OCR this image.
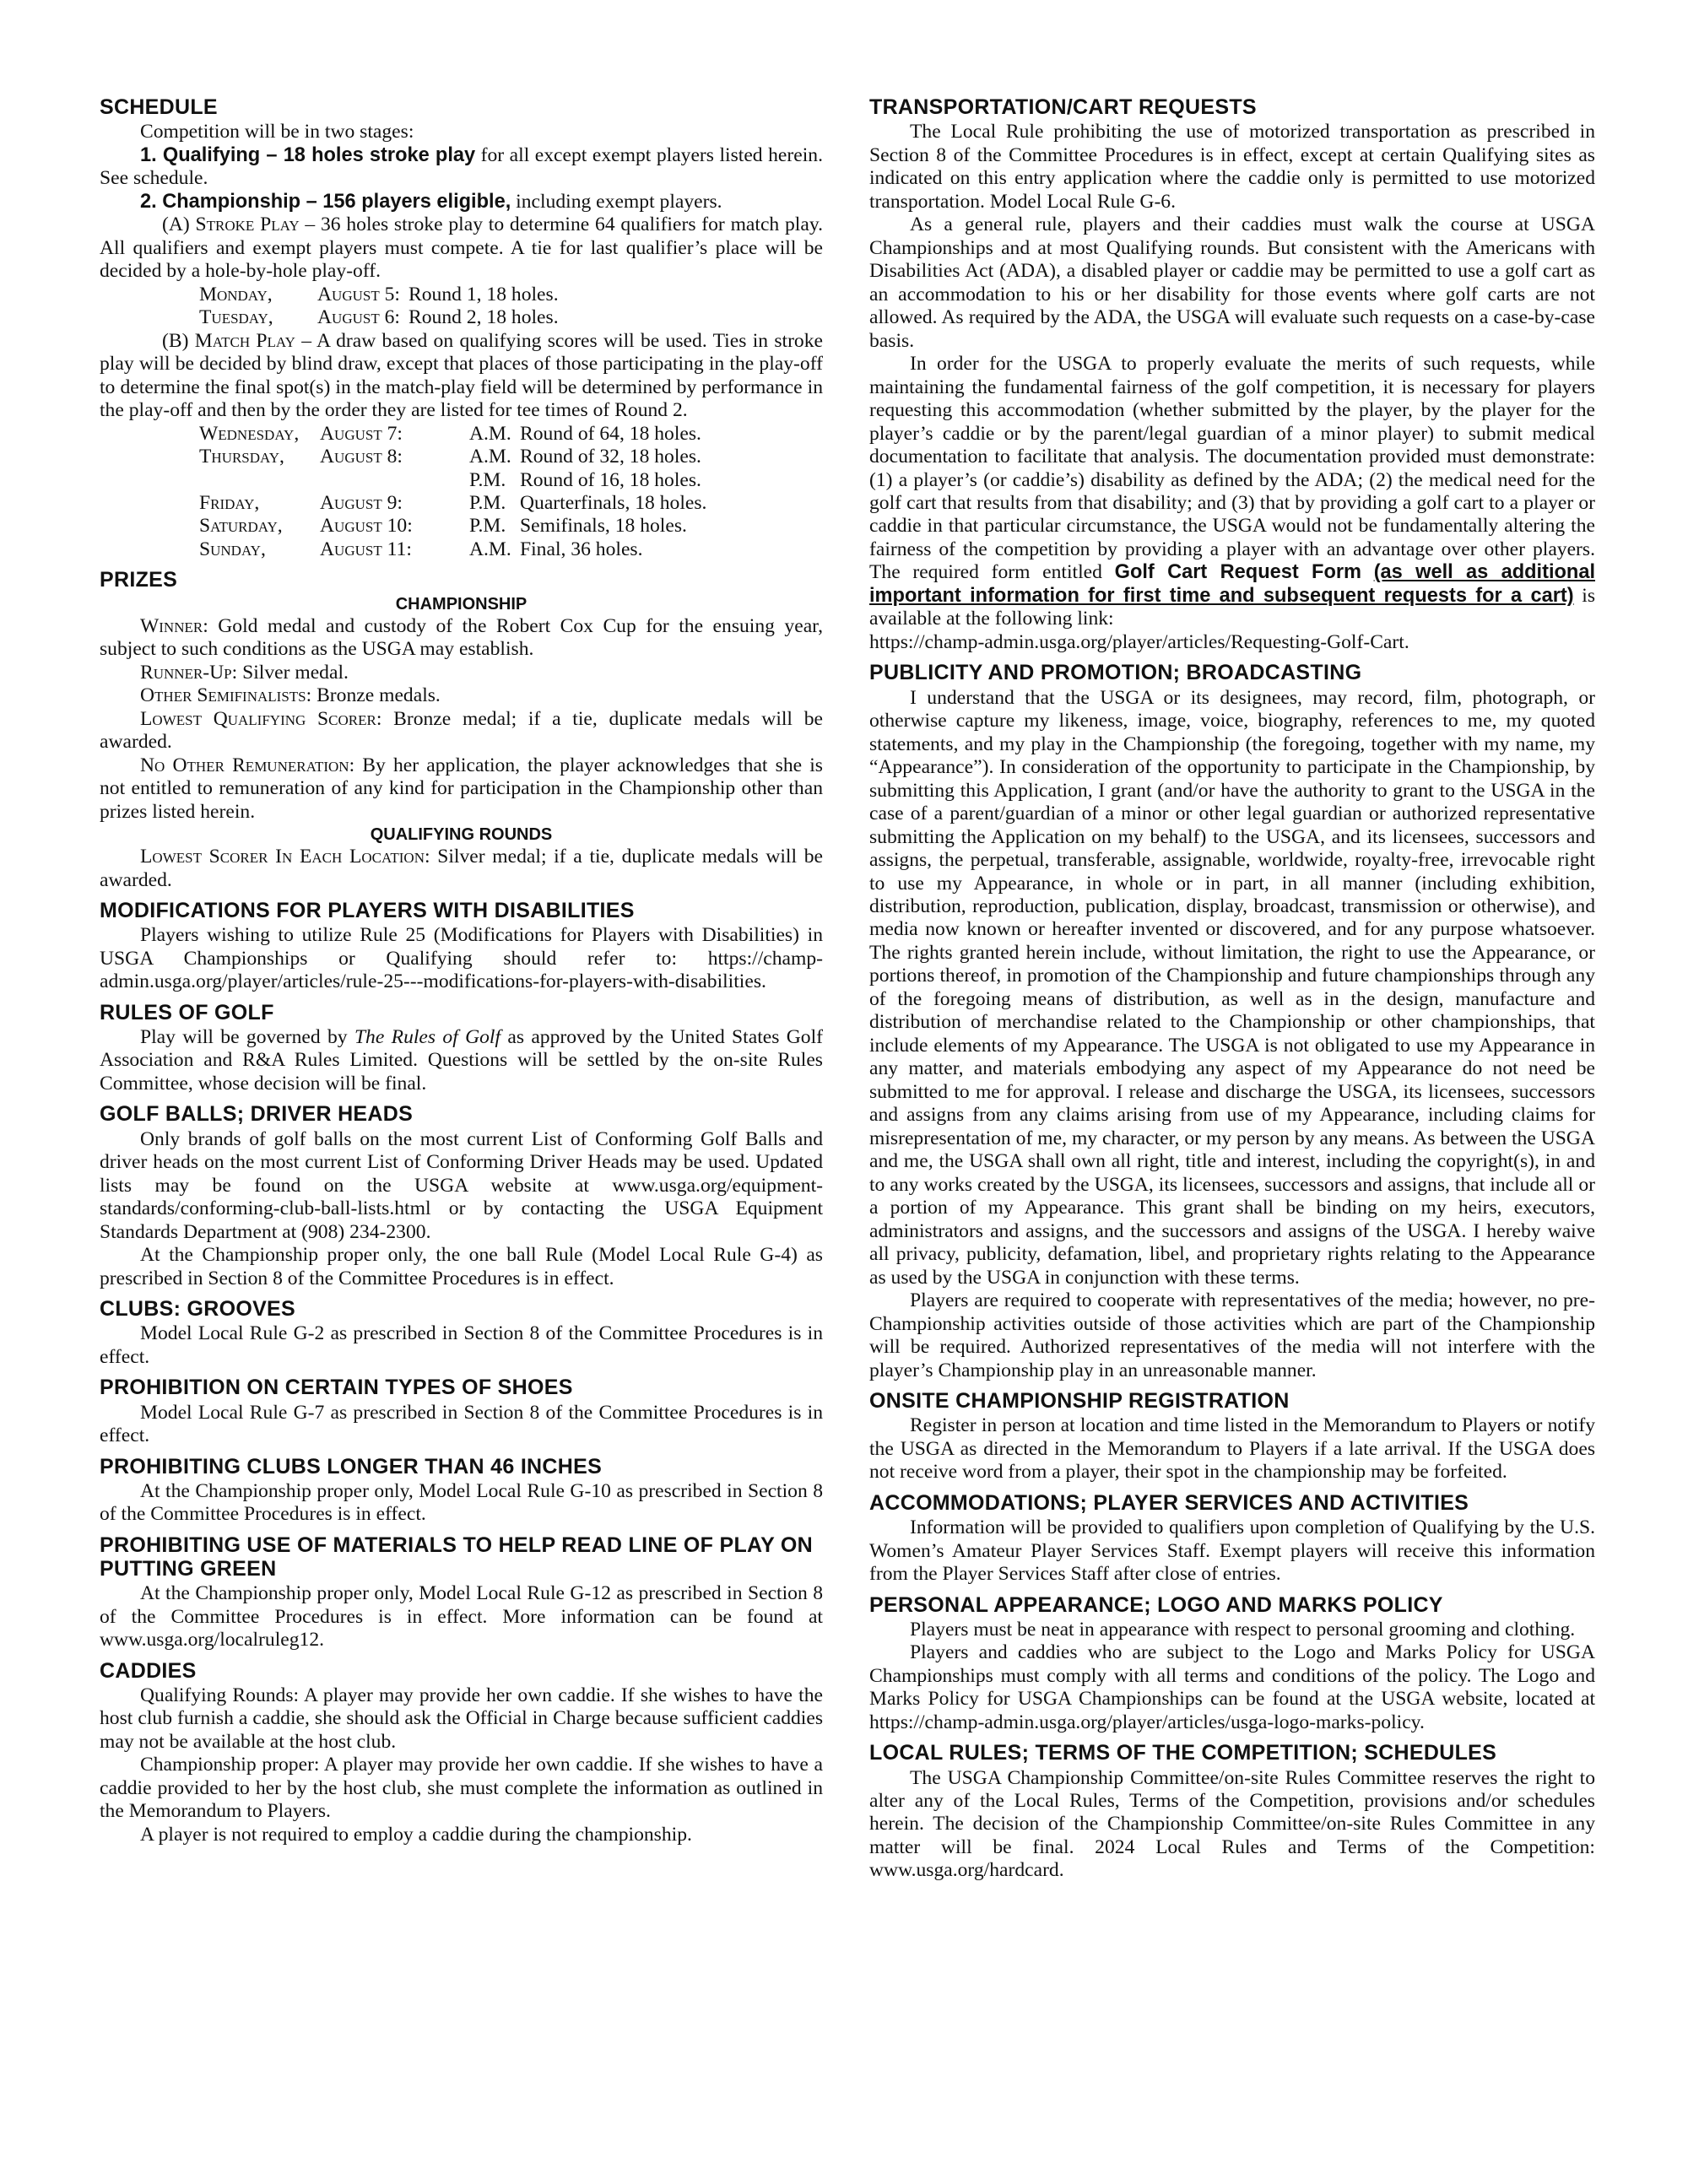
SCHEDULE

Competition will be in two stages:

1. Qualifying – 18 holes stroke play for all except exempt players listed herein. See schedule.

2. Championship – 156 players eligible, including exempt players.

(A) Stroke Play – 36 holes stroke play to determine 64 qualifiers for match play. All qualifiers and exempt players must compete. A tie for last qualifier’s place will be decided by a hole-by-hole play-off.

Monday,	August 5:	Round 1, 18 holes.
Tuesday,	August 6:	Round 2, 18 holes.

(B) Match Play – A draw based on qualifying scores will be used. Ties in stroke play will be decided by blind draw, except that places of those participating in the play-off to determine the final spot(s) in the match-play field will be determined by performance in the play-off and then by the order they are listed for tee times of Round 2.

Wednesday,	August 7:	A.M.	Round of 64, 18 holes.
Thursday,	August 8:	A.M.	Round of 32, 18 holes.
		P.M.	Round of 16, 18 holes.
Friday,	August 9:	P.M.	Quarterfinals, 18 holes.
Saturday,	August 10:	P.M.	Semifinals, 18 holes.
Sunday,	August 11:	A.M.	Final, 36 holes.
PRIZES
CHAMPIONSHIP

Winner: Gold medal and custody of the Robert Cox Cup for the ensuing year, subject to such conditions as the USGA may establish.

Runner-Up: Silver medal.

Other Semifinalists: Bronze medals.

Lowest Qualifying Scorer: Bronze medal; if a tie, duplicate medals will be awarded.

No Other Remuneration: By her application, the player acknowledges that she is not entitled to remuneration of any kind for participation in the Championship other than prizes listed herein.

QUALIFYING ROUNDS

Lowest Scorer In Each Location: Silver medal; if a tie, duplicate medals will be awarded.

MODIFICATIONS FOR PLAYERS WITH DISABILITIES

Players wishing to utilize Rule 25 (Modifications for Players with Disabilities) in USGA Championships or Qualifying should refer to: https://champ-admin.usga.org/player/articles/rule-25---modifications-for-players-with-disabilities.

RULES OF GOLF

Play will be governed by The Rules of Golf as approved by the United States Golf Association and R&A Rules Limited. Questions will be settled by the on-site Rules Committee, whose decision will be final.

GOLF BALLS; DRIVER HEADS

Only brands of golf balls on the most current List of Conforming Golf Balls and driver heads on the most current List of Conforming Driver Heads may be used. Updated lists may be found on the USGA website at www.usga.org/equipment-standards/conforming-club-ball-lists.html or by contacting the USGA Equipment Standards Department at (908) 234-2300.

At the Championship proper only, the one ball Rule (Model Local Rule G-4) as prescribed in Section 8 of the Committee Procedures is in effect.

CLUBS: GROOVES

Model Local Rule G-2 as prescribed in Section 8 of the Committee Procedures is in effect.

PROHIBITION ON CERTAIN TYPES OF SHOES

Model Local Rule G-7 as prescribed in Section 8 of the Committee Procedures is in effect.

PROHIBITING CLUBS LONGER THAN 46 INCHES

At the Championship proper only, Model Local Rule G-10 as prescribed in Section 8 of the Committee Procedures is in effect.

PROHIBITING USE OF MATERIALS TO HELP READ LINE OF PLAY ON PUTTING GREEN

At the Championship proper only, Model Local Rule G-12 as prescribed in Section 8 of the Committee Procedures is in effect. More information can be found at www.usga.org/localruleg12.

CADDIES

Qualifying Rounds: A player may provide her own caddie. If she wishes to have the host club furnish a caddie, she should ask the Official in Charge because sufficient caddies may not be available at the host club.

Championship proper: A player may provide her own caddie. If she wishes to have a caddie provided to her by the host club, she must complete the information as outlined in the Memorandum to Players.

A player is not required to employ a caddie during the championship.

TRANSPORTATION/CART REQUESTS

The Local Rule prohibiting the use of motorized transportation as prescribed in Section 8 of the Committee Procedures is in effect, except at certain Qualifying sites as indicated on this entry application where the caddie only is permitted to use motorized transportation. Model Local Rule G-6.

As a general rule, players and their caddies must walk the course at USGA Championships and at most Qualifying rounds. But consistent with the Americans with Disabilities Act (ADA), a disabled player or caddie may be permitted to use a golf cart as an accommodation to his or her disability for those events where golf carts are not allowed. As required by the ADA, the USGA will evaluate such requests on a case-by-case basis.

In order for the USGA to properly evaluate the merits of such requests, while maintaining the fundamental fairness of the golf competition, it is necessary for players requesting this accommodation (whether submitted by the player, by the player for the player’s caddie or by the parent/legal guardian of a minor player) to submit medical documentation to facilitate that analysis. The documentation provided must demonstrate: (1) a player’s (or caddie’s) disability as defined by the ADA; (2) the medical need for the golf cart that results from that disability; and (3) that by providing a golf cart to a player or caddie in that particular circumstance, the USGA would not be fundamentally altering the fairness of the competition by providing a player with an advantage over other players. The required form entitled Golf Cart Request Form (as well as additional important information for first time and subsequent requests for a cart) is available at the following link:

https://champ-admin.usga.org/player/articles/Requesting-Golf-Cart.

PUBLICITY AND PROMOTION; BROADCASTING

I understand that the USGA or its designees, may record, film, photograph, or otherwise capture my likeness, image, voice, biography, references to me, my quoted statements, and my play in the Championship (the foregoing, together with my name, my “Appearance”). In consideration of the opportunity to participate in the Championship, by submitting this Application, I grant (and/or have the authority to grant to the USGA in the case of a parent/guardian of a minor or other legal guardian or authorized representative submitting the Application on my behalf) to the USGA, and its licensees, successors and assigns, the perpetual, transferable, assignable, worldwide, royalty-free, irrevocable right to use my Appearance, in whole or in part, in all manner (including exhibition, distribution, reproduction, publication, display, broadcast, transmission or otherwise), and media now known or hereafter invented or discovered, and for any purpose whatsoever. The rights granted herein include, without limitation, the right to use the Appearance, or portions thereof, in promotion of the Championship and future championships through any of the foregoing means of distribution, as well as in the design, manufacture and distribution of merchandise related to the Championship or other championships, that include elements of my Appearance. The USGA is not obligated to use my Appearance in any matter, and materials embodying any aspect of my Appearance do not need be submitted to me for approval. I release and discharge the USGA, its licensees, successors and assigns from any claims arising from use of my Appearance, including claims for misrepresentation of me, my character, or my person by any means. As between the USGA and me, the USGA shall own all right, title and interest, including the copyright(s), in and to any works created by the USGA, its licensees, successors and assigns, that include all or a portion of my Appearance. This grant shall be binding on my heirs, executors, administrators and assigns, and the successors and assigns of the USGA. I hereby waive all privacy, publicity, defamation, libel, and proprietary rights relating to the Appearance as used by the USGA in conjunction with these terms.

Players are required to cooperate with representatives of the media; however, no pre-Championship activities outside of those activities which are part of the Championship will be required. Authorized representatives of the media will not interfere with the player’s Championship play in an unreasonable manner.

ONSITE CHAMPIONSHIP REGISTRATION

Register in person at location and time listed in the Memorandum to Players or notify the USGA as directed in the Memorandum to Players if a late arrival. If the USGA does not receive word from a player, their spot in the championship may be forfeited.

ACCOMMODATIONS; PLAYER SERVICES AND ACTIVITIES

Information will be provided to qualifiers upon completion of Qualifying by the U.S. Women’s Amateur Player Services Staff. Exempt players will receive this information from the Player Services Staff after close of entries.

PERSONAL APPEARANCE; LOGO AND MARKS POLICY

Players must be neat in appearance with respect to personal grooming and clothing.

Players and caddies who are subject to the Logo and Marks Policy for USGA Championships must comply with all terms and conditions of the policy. The Logo and Marks Policy for USGA Championships can be found at the USGA website, located at https://champ-admin.usga.org/player/articles/usga-logo-marks-policy.

LOCAL RULES; TERMS OF THE COMPETITION; SCHEDULES

The USGA Championship Committee/on-site Rules Committee reserves the right to alter any of the Local Rules, Terms of the Competition, provisions and/or schedules herein. The decision of the Championship Committee/on-site Rules Committee in any matter will be final. 2024 Local Rules and Terms of the Competition: www.usga.org/hardcard.
